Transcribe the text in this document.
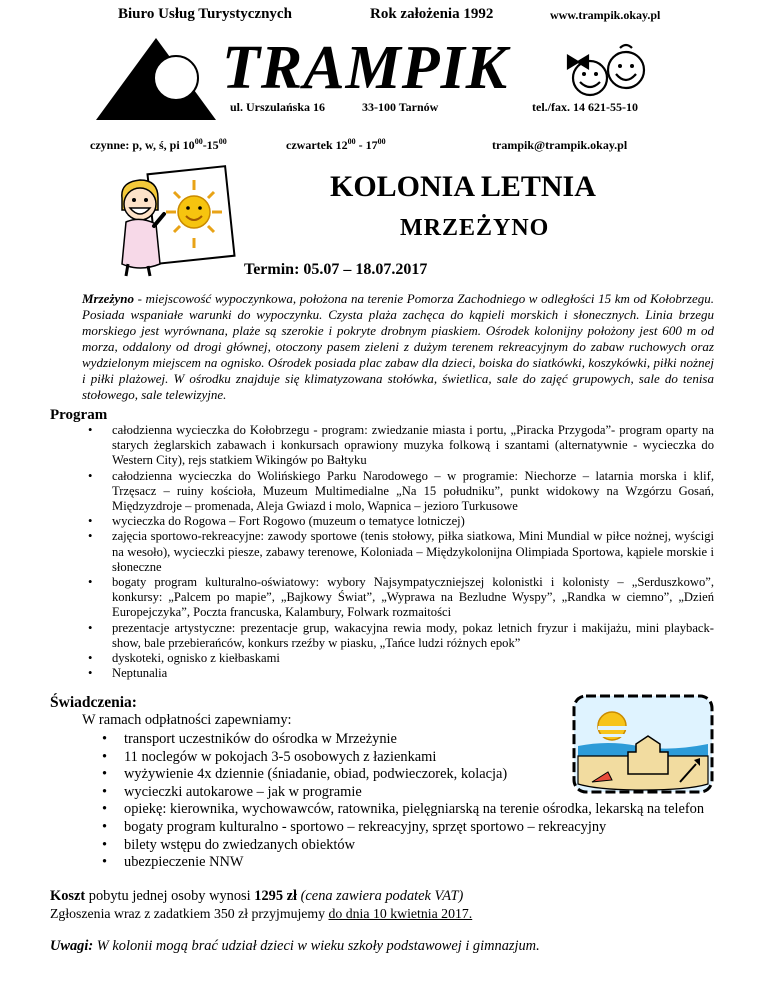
Biuro Usług Turystycznych	Rok założenia 1992	www.trampik.okay.pl
TRAMPIK
ul. Urszulańska 16	33-100 Tarnów	tel./fax. 14 621-55-10
czynne: p, w, ś, pi $10^{00}-15^{00}$	czwartek $12^{00} - 17^{00}$	trampik@trampik.okay.pl
KOLONIA LETNIA
MRZEŻYNO
Termin: 05.07 – 18.07.2017
Mrzeżyno - miejscowość wypoczynkowa, położona na terenie Pomorza Zachodniego w odległości 15 km od Kołobrzegu. Posiada wspaniałe warunki do wypoczynku. Czysta plaża zachęca do kąpieli morskich i słonecznych. Linia brzegu morskiego jest wyrównana, plaże są szerokie i pokryte drobnym piaskiem. Ośrodek kolonijny położony jest 600 m od morza, oddalony od drogi głównej, otoczony pasem zieleni z dużym terenem rekreacyjnym do zabaw ruchowych oraz wydzielonym miejscem na ognisko. Ośrodek posiada plac zabaw dla dzieci, boiska do siatkówki, koszykówki, piłki nożnej i piłki plażowej. W ośrodku znajduje się klimatyzowana stołówka, świetlica, sale do zajęć grupowych, sale do tenisa stołowego, sale telewizyjne.
Program
• całodzienna wycieczka do Kołobrzegu - program: zwiedzanie miasta i portu, „Piracka Przygoda”- program oparty na starych żeglarskich zabawach i konkursach oprawiony muzyka folkową i szantami (alternatywnie - wycieczka do Western City), rejs statkiem Wikingów po Bałtyku
• całodzienna wycieczka do Wolińskiego Parku Narodowego – w programie: Niechorze – latarnia morska i klif, Trzęsacz – ruiny kościoła, Muzeum Multimedialne „Na 15 południku”, punkt widokowy na Wzgórzu Gosań, Międzyzdroje – promenada, Aleja Gwiazd i molo, Wapnica – jezioro Turkusowe
• wycieczka do Rogowa – Fort Rogowo (muzeum o tematyce lotniczej)
• zajęcia sportowo-rekreacyjne: zawody sportowe (tenis stołowy, piłka siatkowa, Mini Mundial w piłce nożnej, wyścigi na wesoło), wycieczki piesze, zabawy terenowe, Koloniada – Międzykolonijna Olimpiada Sportowa, kąpiele morskie i słoneczne
• bogaty program kulturalno-oświatowy: wybory Najsympatyczniejszej kolonistki i kolonisty – „Serduszkowo”, konkursy: „Palcem po mapie”, „Bajkowy Świat”, „Wyprawa na Bezludne Wyspy”, „Randka w ciemno”, „Dzień Europejczyka”, Poczta francuska, Kalambury, Folwark rozmaitości
• prezentacje artystyczne: prezentacje grup, wakacyjna rewia mody, pokaz letnich fryzur i makijażu, mini playback-show, bale przebierańców, konkurs rzeźby w piasku, „Tańce ludzi różnych epok”
• dyskoteki, ognisko z kiełbaskami
• Neptunalia
Świadczenia:
W ramach odpłatności zapewniamy:
• transport uczestników do ośrodka w Mrzeżynie
• 11 noclegów w pokojach 3-5 osobowych z łazienkami
• wyżywienie 4x dziennie (śniadanie, obiad, podwieczorek, kolacja)
• wycieczki autokarowe – jak w programie
• opiekę: kierownika, wychowawców, ratownika, pielęgniarską na terenie ośrodka, lekarską na telefon
• bogaty program kulturalno - sportowo – rekreacyjny, sprzęt sportowo – rekreacyjny
• bilety wstępu do zwiedzanych obiektów
• ubezpieczenie NNW
Koszt pobytu jednej osoby wynosi 1295 zł (cena zawiera podatek VAT)
Zgłoszenia wraz z zadatkiem 350 zł przyjmujemy do dnia 10 kwietnia 2017.
Uwagi: W kolonii mogą brać udział dzieci w wieku szkoły podstawowej i gimnazjum.
